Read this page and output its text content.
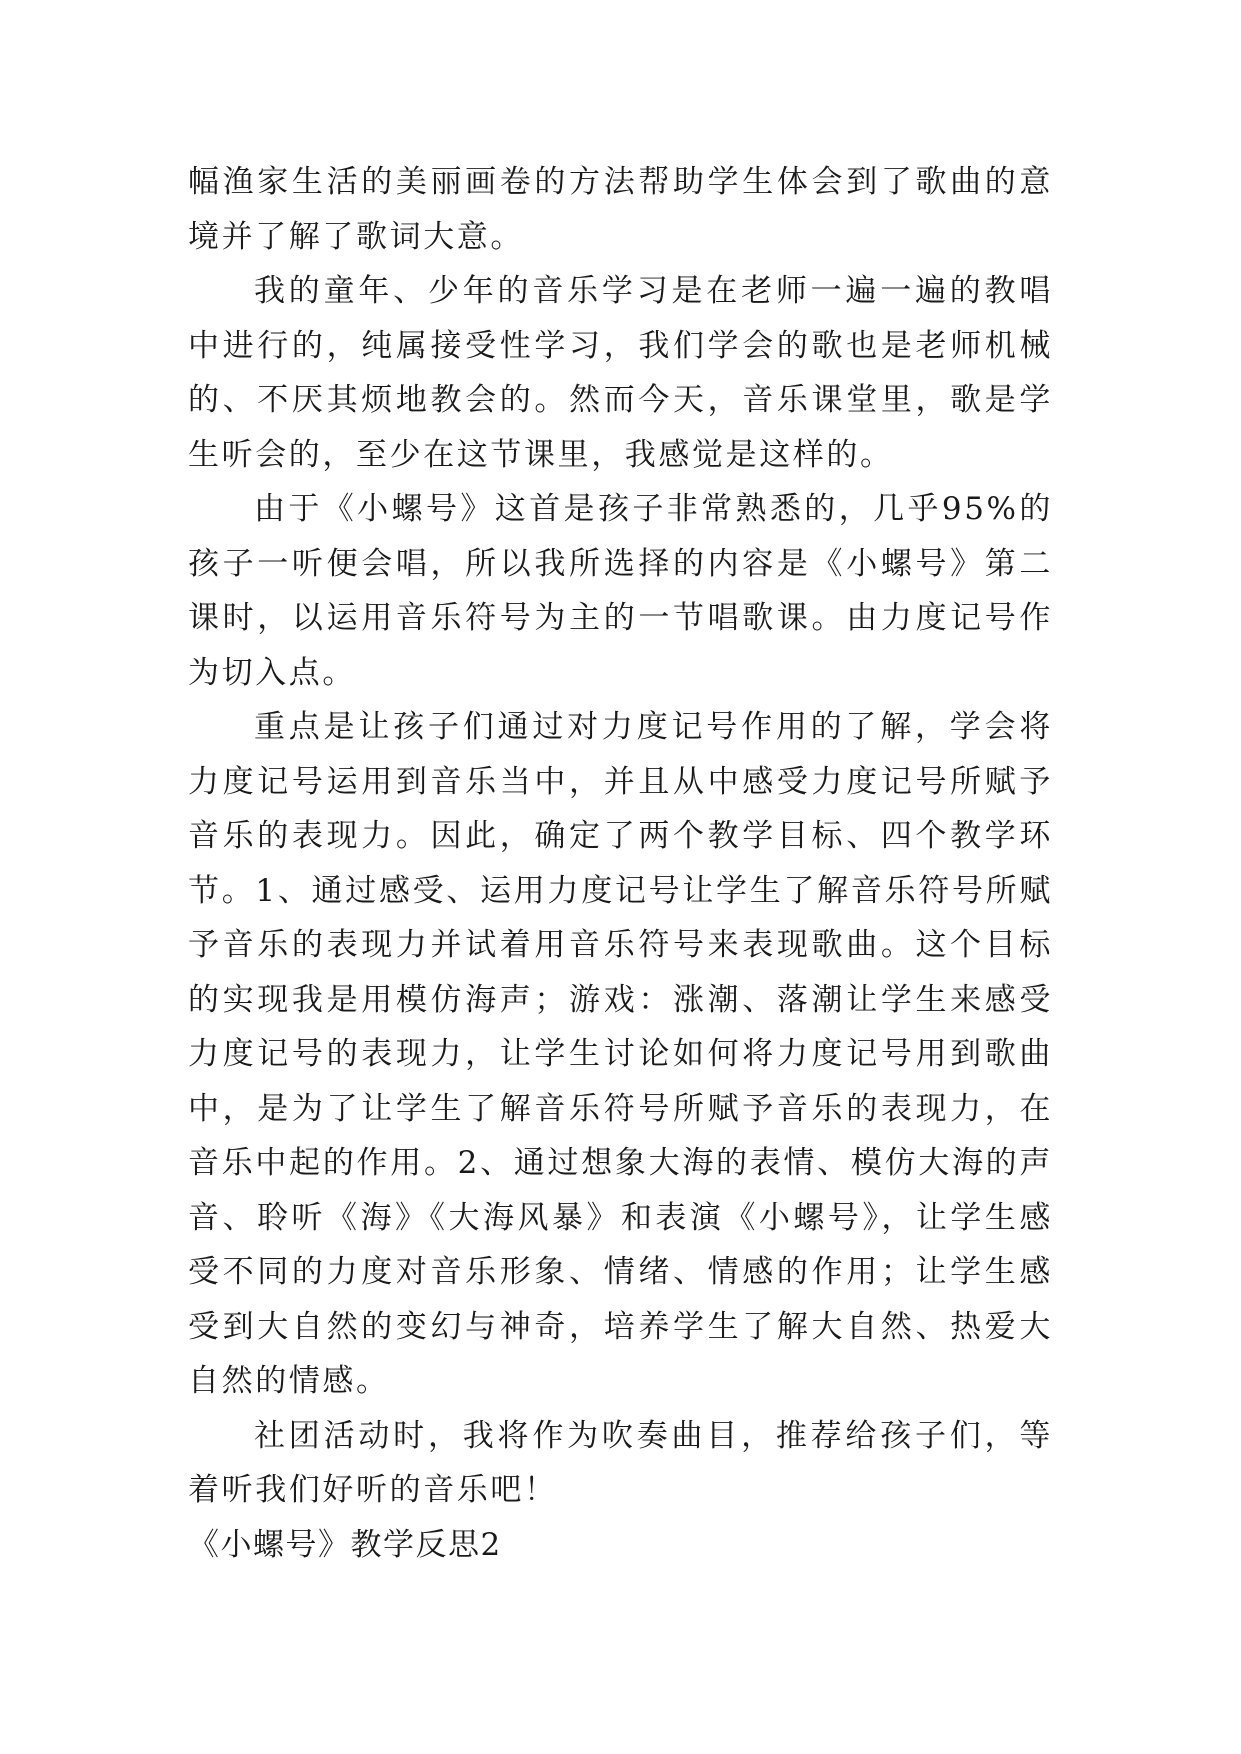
幅渔家生活的美丽画卷的方法帮助学生体会到了歌曲的意境并了解了歌词大意。

我的童年、少年的音乐学习是在老师一遍一遍的教唱中进行的，纯属接受性学习，我们学会的歌也是老师机械的、不厌其烦地教会的。然而今天，音乐课堂里，歌是学生听会的，至少在这节课里，我感觉是这样的。

由于《小螺号》这首是孩子非常熟悉的，几乎95%的孩子一听便会唱，所以我所选择的内容是《小螺号》第二课时，以运用音乐符号为主的一节唱歌课。由力度记号作为切入点。

重点是让孩子们通过对力度记号作用的了解，学会将力度记号运用到音乐当中，并且从中感受力度记号所赋予音乐的表现力。因此，确定了两个教学目标、四个教学环节。1、通过感受、运用力度记号让学生了解音乐符号所赋予音乐的表现力并试着用音乐符号来表现歌曲。这个目标的实现我是用模仿海声；游戏：涨潮、落潮让学生来感受力度记号的表现力，让学生讨论如何将力度记号用到歌曲中，是为了让学生了解音乐符号所赋予音乐的表现力，在音乐中起的作用。2、通过想象大海的表情、模仿大海的声音、聆听《海》《大海风暴》和表演《小螺号》，让学生感受不同的力度对音乐形象、情绪、情感的作用；让学生感受到大自然的变幻与神奇，培养学生了解大自然、热爱大自然的情感。

社团活动时，我将作为吹奏曲目，推荐给孩子们，等着听我们好听的音乐吧！

《小螺号》教学反思2
